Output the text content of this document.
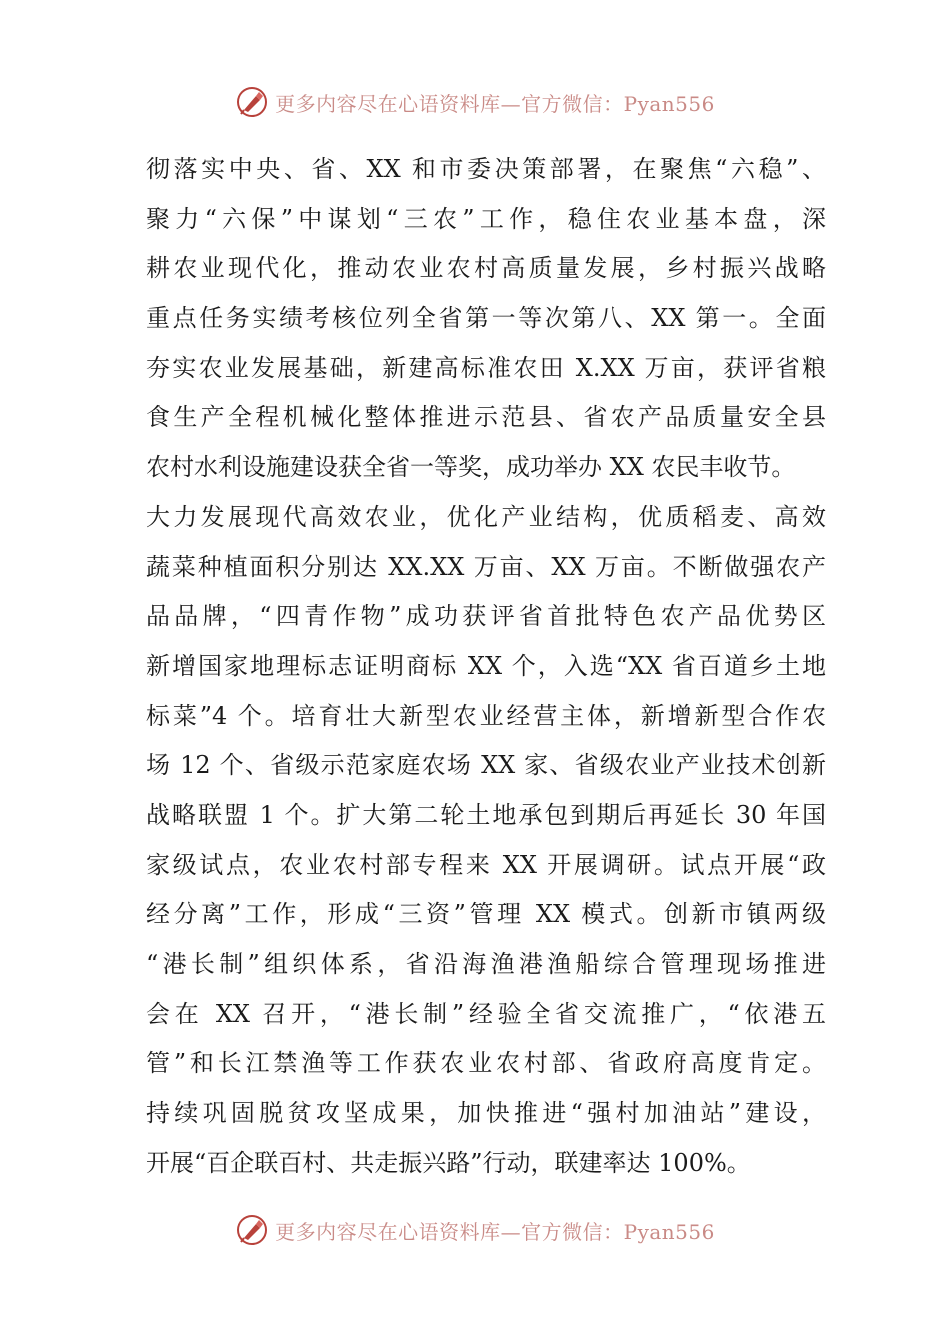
更多内容尽在心语资料库—官方微信：Pyan556
彻落实中央、省、XX 和市委决策部署，在聚焦“六稳”、
聚力“六保”中谋划“三农”工作，稳住农业基本盘，深
耕农业现代化，推动农业农村高质量发展，乡村振兴战略
重点任务实绩考核位列全省第一等次第八、XX 第一。全面
夯实农业发展基础，新建高标准农田 X.XX 万亩，获评省粮
食生产全程机械化整体推进示范县、省农产品质量安全县
农村水利设施建设获全省一等奖，成功举办 XX 农民丰收节。
大力发展现代高效农业，优化产业结构，优质稻麦、高效
蔬菜种植面积分别达 XX.XX 万亩、XX 万亩。不断做强农产
品品牌，“四青作物”成功获评省首批特色农产品优势区
新增国家地理标志证明商标 XX 个，入选“XX 省百道乡土地
标菜”4 个。培育壮大新型农业经营主体，新增新型合作农
场 12 个、省级示范家庭农场 XX 家、省级农业产业技术创新
战略联盟 1 个。扩大第二轮土地承包到期后再延长 30 年国
家级试点，农业农村部专程来 XX 开展调研。试点开展“政
经分离”工作，形成“三资”管理 XX 模式。创新市镇两级
“港长制”组织体系，省沿海渔港渔船综合管理现场推进
会在 XX 召开，“港长制”经验全省交流推广，“依港五
管”和长江禁渔等工作获农业农村部、省政府高度肯定。
持续巩固脱贫攻坚成果，加快推进“强村加油站”建设，
开展“百企联百村、共走振兴路”行动，联建率达 100%。
更多内容尽在心语资料库—官方微信：Pyan556
